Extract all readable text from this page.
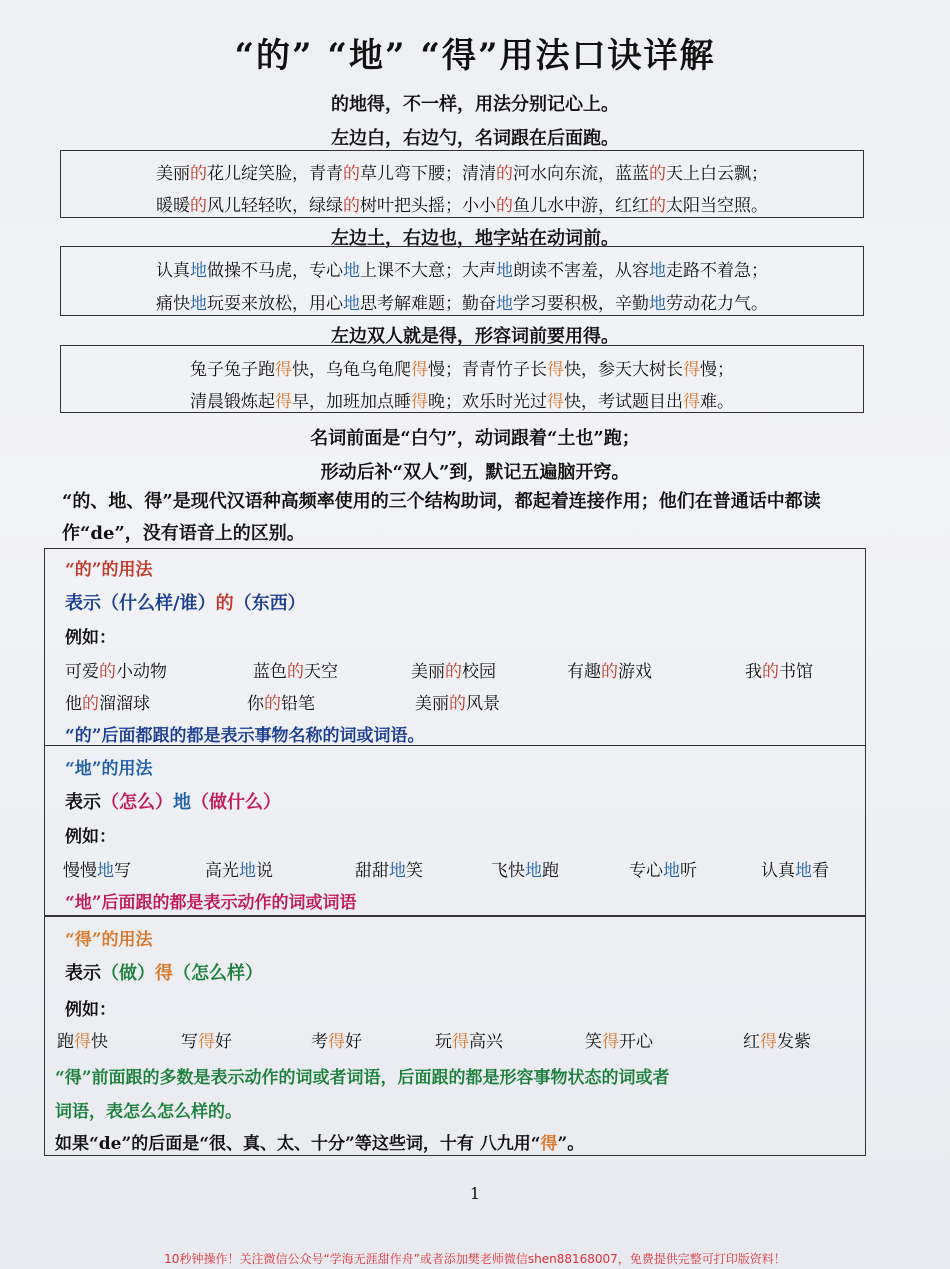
“的” “地” “得”用法口诀详解
的地得，不一样，用法分别记心上。
左边白，右边勺，名词跟在后面跑。
美丽的花儿绽笑脸，青青的草儿弯下腰；清清的河水向东流，蓝蓝的天上白云飘；
暖暖的风儿轻轻吹，绿绿的树叶把头摇；小小的鱼儿水中游，红红的太阳当空照。
左边土，右边也，地字站在动词前。
认真地做操不马虎，专心地上课不大意；大声地朗读不害羞，从容地走路不着急；
痛快地玩耍来放松，用心地思考解难题；勤奋地学习要积极，辛勤地劳动花力气。
左边双人就是得，形容词前要用得。
兔子兔子跑得快，乌龟乌龟爬得慢；青青竹子长得快，参天大树长得慢；
清晨锻炼起得早，加班加点睡得晚；欢乐时光过得快，考试题目出得难。
名词前面是“白勺”，动词跟着“土也”跑；
形动后补“双人”到，默记五遍脑开窍。
“的、地、得”是现代汉语种高频率使用的三个结构助词，都起着连接作用；他们在普通话中都读作“de”，没有语音上的区别。
“的”的用法
表示（什么样/谁）的（东西）
例如：
可爱的小动物	蓝色的天空	美丽的校园	有趣的游戏	我的书馆
他的溜溜球	你的铅笔	美丽的风景
“的”后面都跟的都是表示事物名称的词或词语。
“地”的用法
表示（怎么）地（做什么）
例如：
慢慢地写	高光地说	甜甜地笑	飞快地跑	专心地听	认真地看
“地”后面跟的都是表示动作的词或词语
“得”的用法
表示（做）得（怎么样）
例如：
跑得快	写得好	考得好	玩得高兴	笑得开心	红得发紫
“得”前面跟的多数是表示动作的词或者词语，后面跟的都是形容事物状态的词或者
词语，表怎么怎么样的。
如果“de”的后面是“很、真、太、十分”等这些词，十有 八九用“得”。
1
10秒钟操作！关注微信公众号“学海无涯甜作舟”或者添加樊老师微信shen88168007，免费提供完整可打印版资料！
